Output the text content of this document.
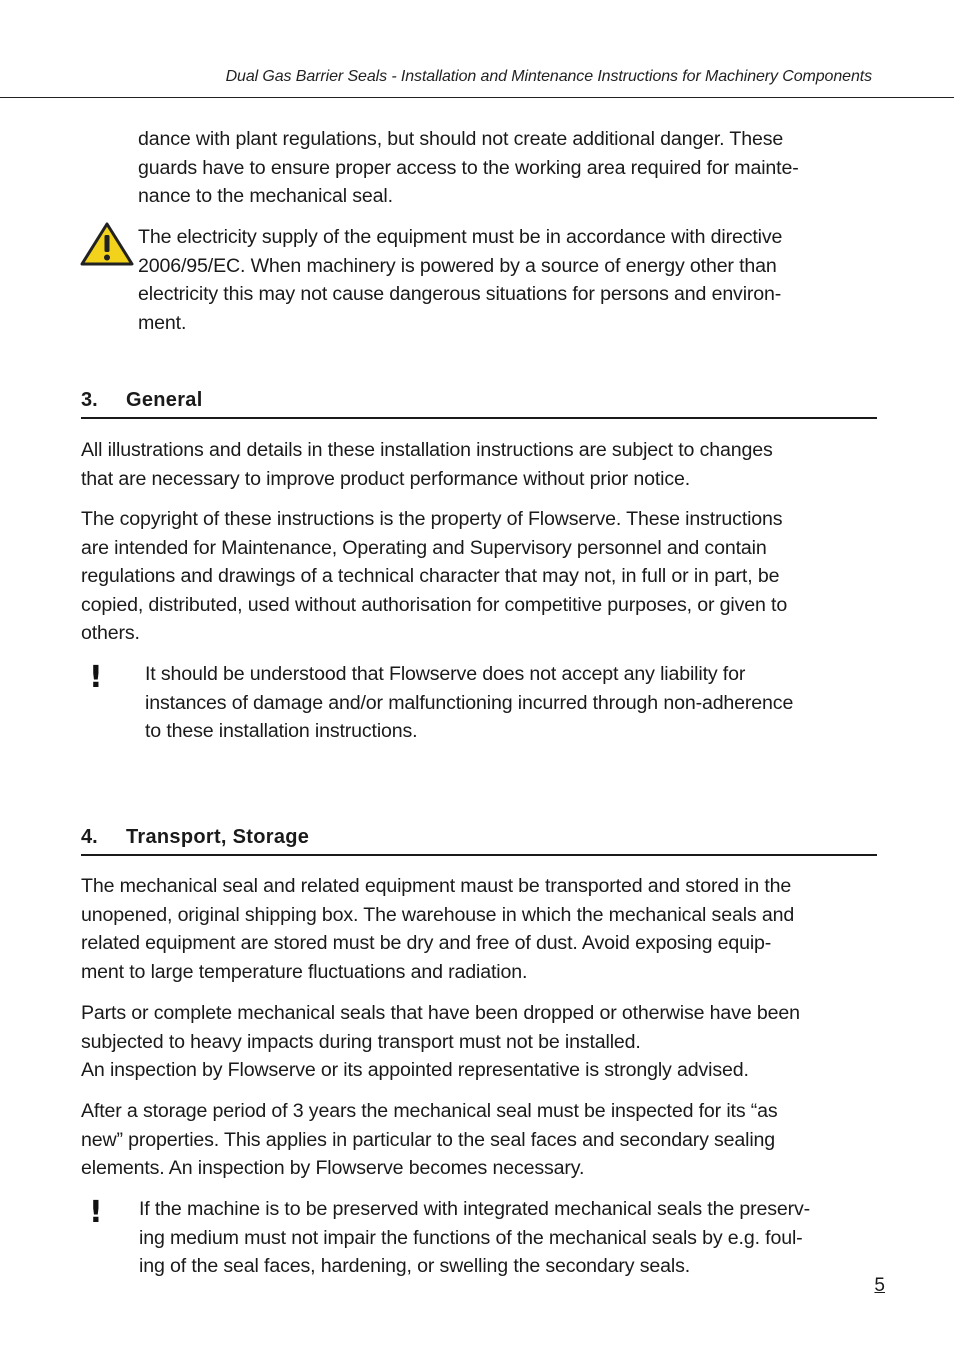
Dual Gas Barrier Seals - Installation and Mintenance Instructions for Machinery Components
dance with plant regulations, but should not create additional danger. These
guards have to ensure proper access to the working area required for mainte-
nance to the mechanical seal.
The electricity supply of the equipment must be in accordance with directive
2006/95/EC. When machinery is powered by a source of energy other than
electricity this may not cause dangerous situations for persons and environ-
ment.
3. General
All illustrations and details in these installation instructions are subject to changes
that are necessary to improve product performance without prior notice.
The copyright of these instructions is the property of Flowserve. These instructions
are intended for Maintenance, Operating and Supervisory personnel and contain
regulations and drawings of a technical character that may not, in full or in part, be
copied, distributed, used without authorisation for competitive purposes, or given to
others.
! It should be understood that Flowserve does not accept any liability for
instances of damage and/or malfunctioning incurred through non-adherence
to these installation instructions.
4. Transport, Storage
The mechanical seal and related equipment maust be transported and stored in the
unopened, original shipping box. The warehouse in which the mechanical seals and
related equipment are stored must be dry and free of dust. Avoid exposing equip-
ment to large temperature fluctuations and radiation.
Parts or complete mechanical seals that have been dropped or otherwise have been
subjected to heavy impacts during transport must not be installed.
An inspection by Flowserve or its appointed representative is strongly advised.
After a storage period of 3 years the mechanical seal must be inspected for its “as
new” properties. This applies in particular to the seal faces and secondary sealing
elements. An inspection by Flowserve becomes necessary.
! If the machine is to be preserved with integrated mechanical seals the preserv-
ing medium must not impair the functions of the mechanical seals by e.g. foul-
ing of the seal faces, hardening, or swelling the secondary seals.
5
